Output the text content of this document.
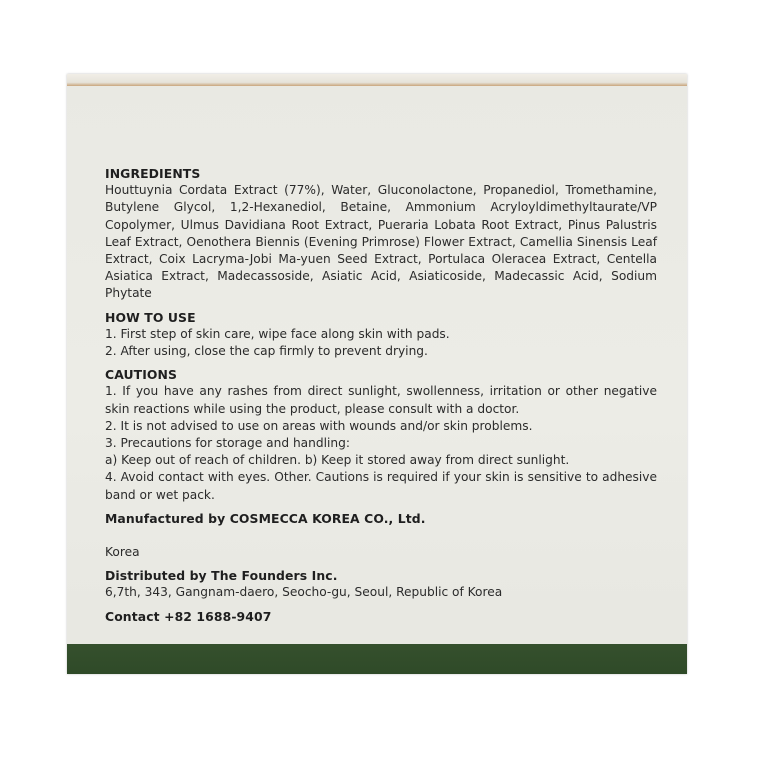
INGREDIENTS

Houttuynia Cordata Extract (77%), Water, Gluconolactone, Propanediol, Tromethamine, Butylene Glycol, 1,2-Hexanediol, Betaine, Ammonium Acryloyldimethyltaurate/VP Copolymer, Ulmus Davidiana Root Extract, Pueraria Lobata Root Extract, Pinus Palustris Leaf Extract, Oenothera Biennis (Evening Primrose) Flower Extract, Camellia Sinensis Leaf Extract, Coix Lacryma-Jobi Ma-yuen Seed Extract, Portulaca Oleracea Extract, Centella Asiatica Extract, Madecassoside, Asiatic Acid, Asiaticoside, Madecassic Acid, Sodium Phytate

HOW TO USE

1. First step of skin care, wipe face along skin with pads.

2. After using, close the cap firmly to prevent drying.

CAUTIONS

1. If you have any rashes from direct sunlight, swollenness, irritation or other negative skin reactions while using the product, please consult with a doctor.

2. It is not advised to use on areas with wounds and/or skin problems.

3. Precautions for storage and handling:

a) Keep out of reach of children. b) Keep it stored away from direct sunlight.

4. Avoid contact with eyes. Other. Cautions is required if your skin is sensitive to adhesive band or wet pack.

Manufactured by COSMECCA KOREA CO., Ltd.

Korea

Distributed by The Founders Inc.

6,7th, 343, Gangnam-daero, Seocho-gu, Seoul, Republic of Korea

Contact +82 1688-9407
